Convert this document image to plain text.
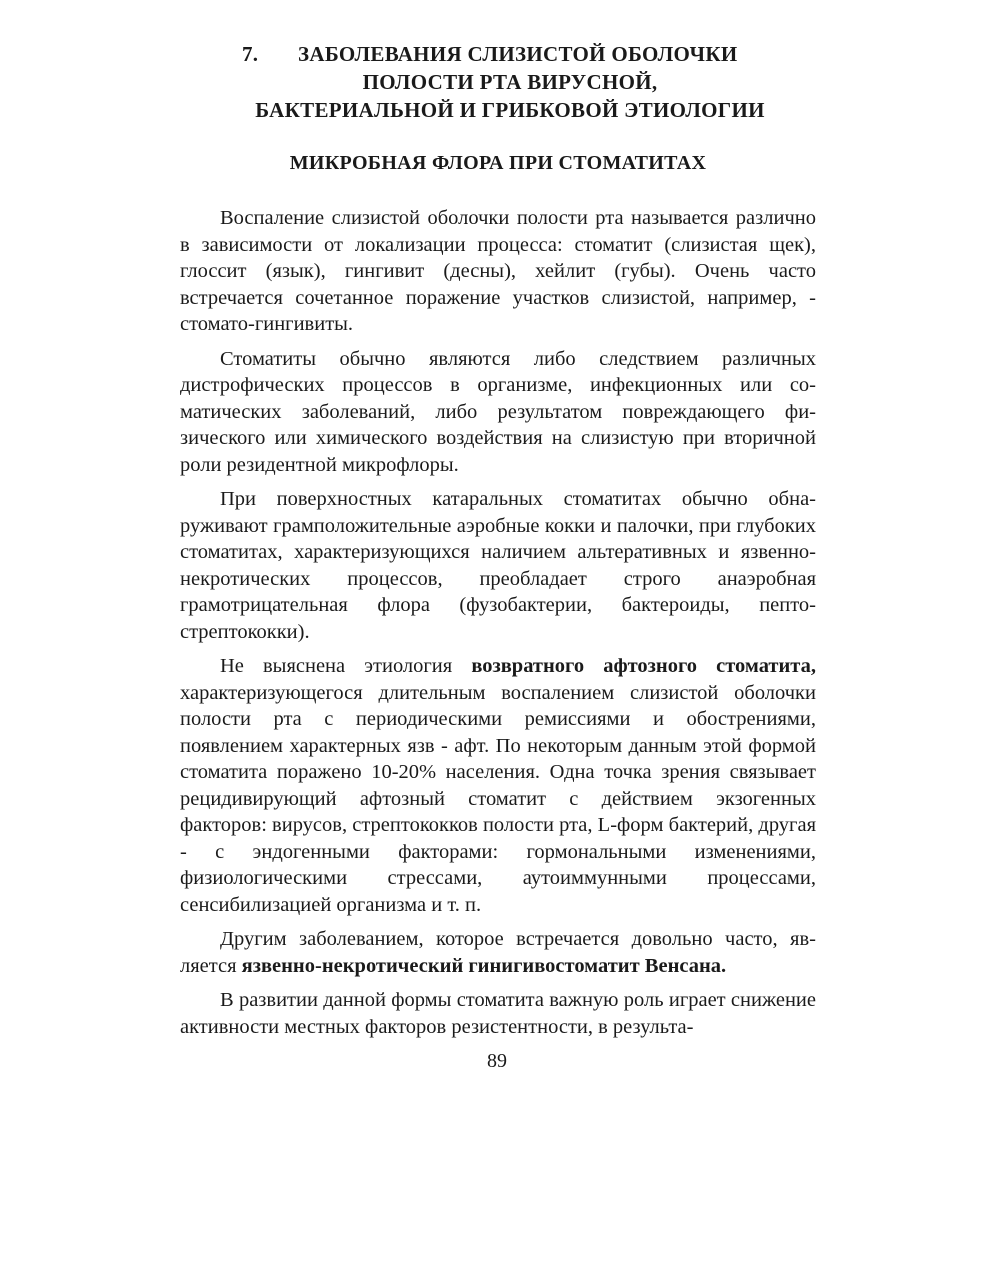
7. ЗАБОЛЕВАНИЯ СЛИЗИСТОЙ ОБОЛОЧКИ
ПОЛОСТИ РТА ВИРУСНОЙ,
БАКТЕРИАЛЬНОЙ И ГРИБКОВОЙ ЭТИОЛОГИИ
МИКРОБНАЯ ФЛОРА ПРИ СТОМАТИТАХ

Воспаление слизистой оболочки полости рта называется различно в зависимости от локализации процесса: стоматит (слизистая щек), глоссит (язык), гингивит (десны), хейлит (губы). Очень часто встречается сочетанное поражение участков слизистой, например, - стомато-гингивиты.

Стоматиты обычно являются либо следствием различных дистрофических процессов в организме, инфекционных или соматических заболеваний, либо результатом повреждающего физического или химического воздействия на слизистую при вторичной роли резидентной микрофлоры.

При поверхностных катаральных стоматитах обычно обнаруживают грамположительные аэробные кокки и палочки, при глубоких стоматитах, характеризующихся наличием альтеративных и язвенно-некротических процессов, преобладает строго анаэробная грамотрицательная флора (фузобактерии, бактероиды, пептострептококки).

Не выяснена этиология возвратного афтозного стоматита, характеризующегося длительным воспалением слизистой оболочки полости рта с периодическими ремиссиями и обострениями, появлением характерных язв - афт. По некоторым данным этой формой стоматита поражено 10-20% населения. Одна точка зрения связывает рецидивирующий афтозный стоматит с действием экзогенных факторов: вирусов, стрептококков полости рта, L-форм бактерий, другая - с эндогенными факторами: гормональными изменениями, физиологическими стрессами, аутоиммунными процессами, сенсибилизацией организма и т. п.

Другим заболеванием, которое встречается довольно часто, является язвенно-некротический гинигивостоматит Венсана.

В развитии данной формы стоматита важную роль играет снижение активности местных факторов резистентности, в результа-

89
